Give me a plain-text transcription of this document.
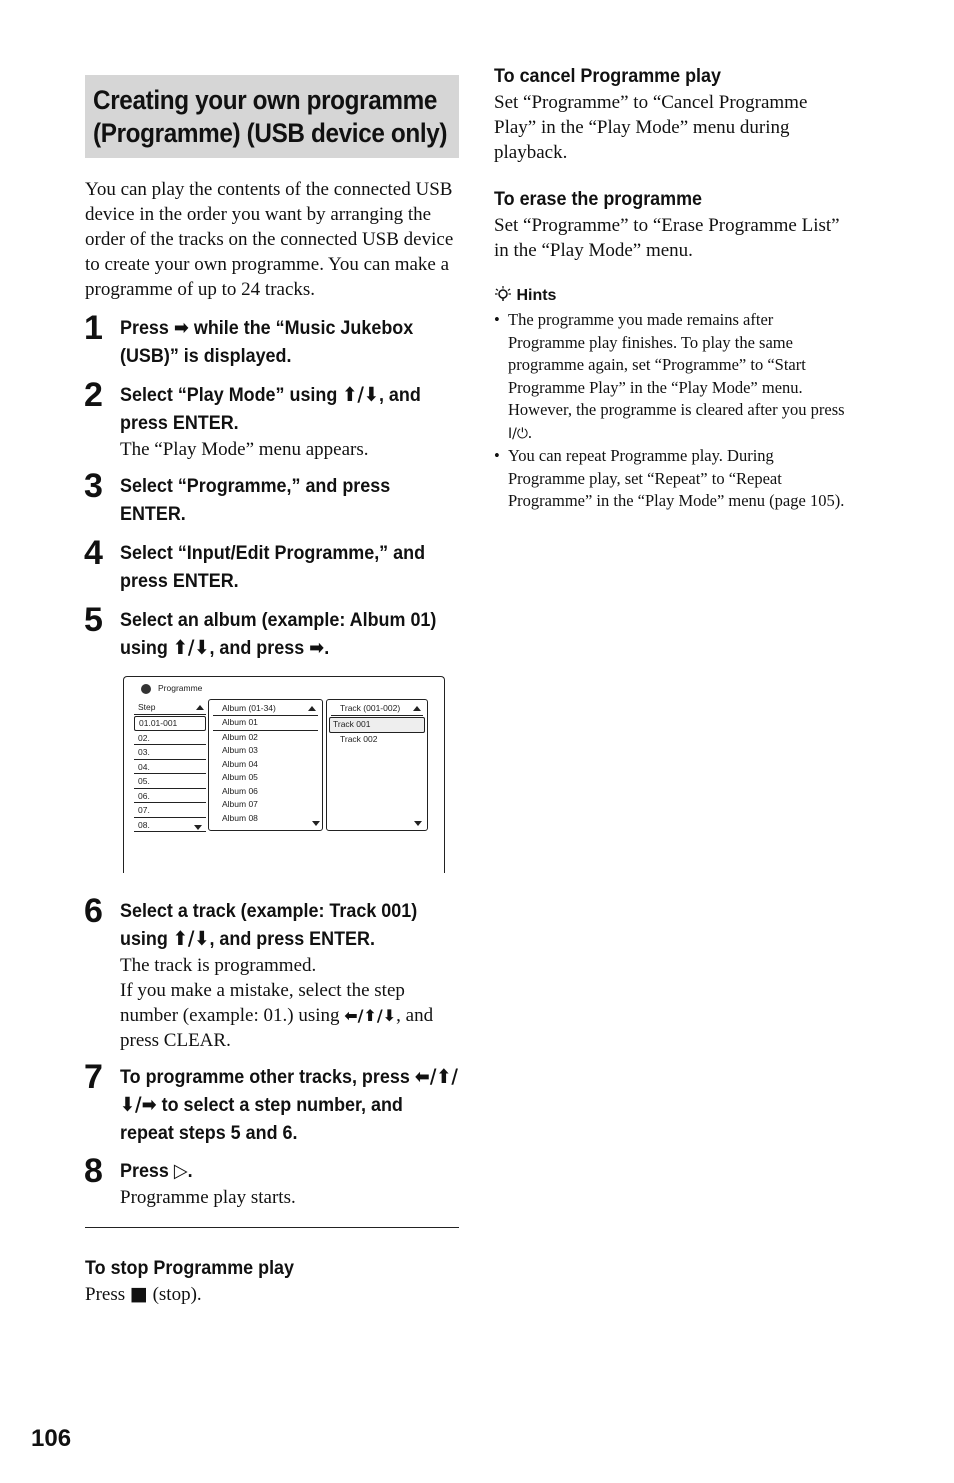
Creating your own programme (Programme) (USB device only)

You can play the contents of the connected USB device in the order you want by arranging the order of the tracks on the connected USB device to create your own programme. You can make a programme of up to 24 tracks.

1 Press ➡ while the “Music Jukebox (USB)” is displayed.
2 Select “Play Mode” using ⬆/⬇, and press ENTER.
The “Play Mode” menu appears.
3 Select “Programme,” and press ENTER.
4 Select “Input/Edit Programme,” and press ENTER.
5 Select an album (example: Album 01) using ⬆/⬇, and press ➡.
Programme
Step
01.01-001
02.
03.
04.
05.
06.
07.
08.
Album (01-34)
Album 01
Album 02
Album 03
Album 04
Album 05
Album 06
Album 07
Album 08
Track (001-002)
Track 001
Track 002
6 Select a track (example: Track 001) using ⬆/⬇, and press ENTER.
The track is programmed.
If you make a mistake, select the step number (example: 01.) using ⬅/⬆/⬇, and press CLEAR.
7 To programme other tracks, press ⬅/⬆/⬇/➡ to select a step number, and repeat steps 5 and 6.
8 Press ▷.
Programme play starts.
To stop Programme play

Press ■ (stop).

To cancel Programme play

Set “Programme” to “Cancel Programme Play” in the “Play Mode” menu during playback.

To erase the programme

Set “Programme” to “Erase Programme List” in the “Play Mode” menu.

Hints
• The programme you made remains after Programme play finishes. To play the same programme again, set “Programme” to “Start Programme Play” in the “Play Mode” menu. However, the programme is cleared after you press I/⏻.
• You can repeat Programme play. During Programme play, set “Repeat” to “Repeat Programme” in the “Play Mode” menu (page 105).
106
